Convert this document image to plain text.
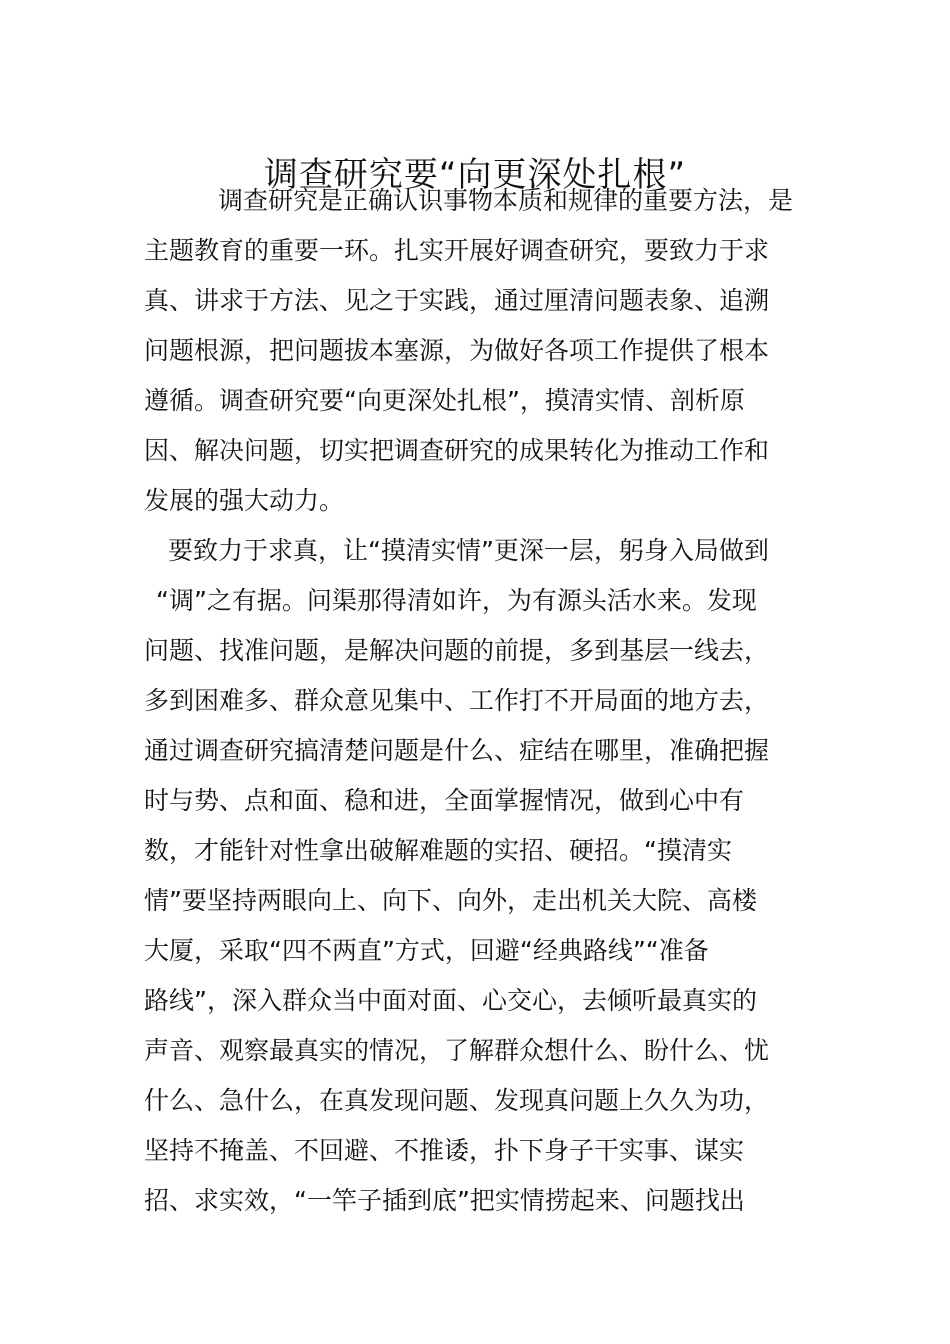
调查研究要“向更深处扎根”
调查研究是正确认识事物本质和规律的重要方法，是
主题教育的重要一环。扎实开展好调查研究，要致力于求
真、讲求于方法、见之于实践，通过厘清问题表象、追溯
问题根源，把问题拔本塞源，为做好各项工作提供了根本
遵循。调查研究要“向更深处扎根”，摸清实情、剖析原
因、解决问题，切实把调查研究的成果转化为推动工作和
发展的强大动力。
要致力于求真，让“摸清实情”更深一层，躬身入局做到
“调”之有据。问渠那得清如许，为有源头活水来。发现
问题、找准问题，是解决问题的前提，多到基层一线去，
多到困难多、群众意见集中、工作打不开局面的地方去，
通过调查研究搞清楚问题是什么、症结在哪里，准确把握
时与势、点和面、稳和进，全面掌握情况，做到心中有
数，才能针对性拿出破解难题的实招、硬招。“摸清实
情”要坚持两眼向上、向下、向外，走出机关大院、高楼
大厦，采取“四不两直”方式，回避“经典路线”“准备
路线”，深入群众当中面对面、心交心，去倾听最真实的
声音、观察最真实的情况，了解群众想什么、盼什么、忧
什么、急什么，在真发现问题、发现真问题上久久为功，
坚持不掩盖、不回避、不推诿，扑下身子干实事、谋实
招、求实效，“一竿子插到底”把实情捞起来、问题找出
